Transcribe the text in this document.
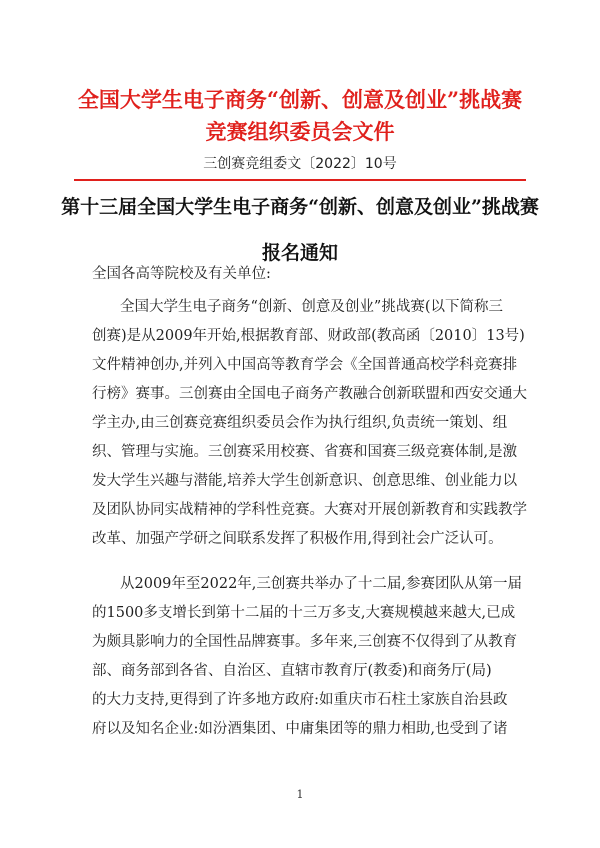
全国大学生电子商务“创新、创意及创业”挑战赛
竞赛组织委员会文件
三创赛竞组委文〔2022〕10号
第十三届全国大学生电子商务“创新、创意及创业”挑战赛
报名通知
全国各高等院校及有关单位:
全国大学生电子商务“创新、创意及创业”挑战赛(以下简称三
创赛)是从2009年开始,根据教育部、财政部(教高函〔2010〕13号)
文件精神创办,并列入中国高等教育学会《全国普通高校学科竞赛排
行榜》赛事。三创赛由全国电子商务产教融合创新联盟和西安交通大
学主办,由三创赛竞赛组织委员会作为执行组织,负责统一策划、组
织、管理与实施。三创赛采用校赛、省赛和国赛三级竞赛体制,是激
发大学生兴趣与潜能,培养大学生创新意识、创意思维、创业能力以
及团队协同实战精神的学科性竞赛。大赛对开展创新教育和实践教学
改革、加强产学研之间联系发挥了积极作用,得到社会广泛认可。
从2009年至2022年,三创赛共举办了十二届,参赛团队从第一届
的1500多支增长到第十二届的十三万多支,大赛规模越来越大,已成
为颇具影响力的全国性品牌赛事。多年来,三创赛不仅得到了从教育
部、商务部到各省、自治区、直辖市教育厅(教委)和商务厅(局)
的大力支持,更得到了许多地方政府:如重庆市石柱土家族自治县政
府以及知名企业:如汾酒集团、中庸集团等的鼎力相助,也受到了诸
1
